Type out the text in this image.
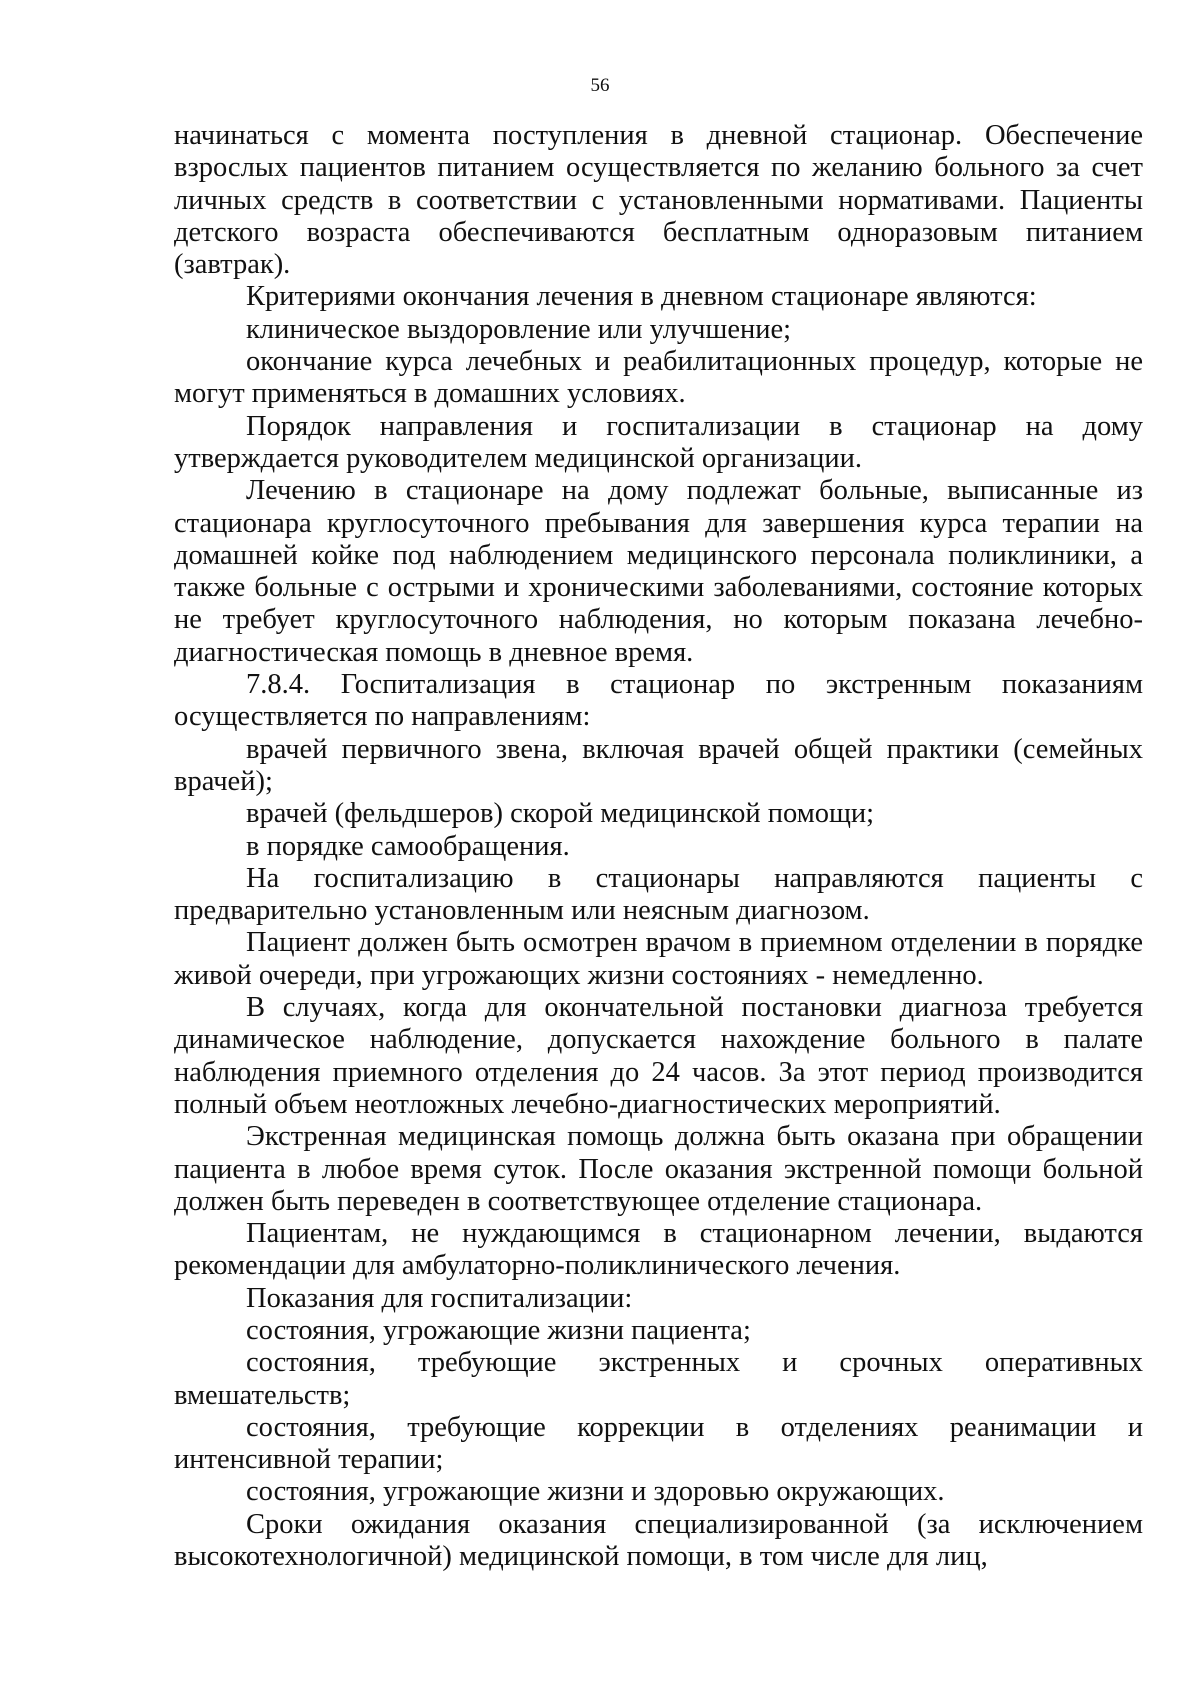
56

начинаться с момента поступления в дневной стационар. Обеспечение взрослых пациентов питанием осуществляется по желанию больного за счет личных средств в соответствии с установленными нормативами. Пациенты детского возраста обеспечиваются бесплатным одноразовым питанием (завтрак).

Критериями окончания лечения в дневном стационаре являются:

клиническое выздоровление или улучшение;

окончание курса лечебных и реабилитационных процедур, которые не могут применяться в домашних условиях.

Порядок направления и госпитализации в стационар на дому утверждается руководителем медицинской организации.

Лечению в стационаре на дому подлежат больные, выписанные из стационара круглосуточного пребывания для завершения курса терапии на домашней койке под наблюдением медицинского персонала поликлиники, а также больные с острыми и хроническими заболеваниями, состояние которых не требует круглосуточного наблюдения, но которым показана лечебно-диагностическая помощь в дневное время.

7.8.4. Госпитализация в стационар по экстренным показаниям осуществляется по направлениям:

врачей первичного звена, включая врачей общей практики (семейных врачей);

врачей (фельдшеров) скорой медицинской помощи;

в порядке самообращения.

На госпитализацию в стационары направляются пациенты с предварительно установленным или неясным диагнозом.

Пациент должен быть осмотрен врачом в приемном отделении в порядке живой очереди, при угрожающих жизни состояниях - немедленно.

В случаях, когда для окончательной постановки диагноза требуется динамическое наблюдение, допускается нахождение больного в палате наблюдения приемного отделения до 24 часов. За этот период производится полный объем неотложных лечебно-диагностических мероприятий.

Экстренная медицинская помощь должна быть оказана при обращении пациента в любое время суток. После оказания экстренной помощи больной должен быть переведен в соответствующее отделение стационара.

Пациентам, не нуждающимся в стационарном лечении, выдаются рекомендации для амбулаторно-поликлинического лечения.

Показания для госпитализации:

состояния, угрожающие жизни пациента;

состояния, требующие экстренных и срочных оперативных вмешательств;

состояния, требующие коррекции в отделениях реанимации и интенсивной терапии;

состояния, угрожающие жизни и здоровью окружающих.

Сроки ожидания оказания специализированной (за исключением высокотехнологичной) медицинской помощи, в том числе для лиц,
